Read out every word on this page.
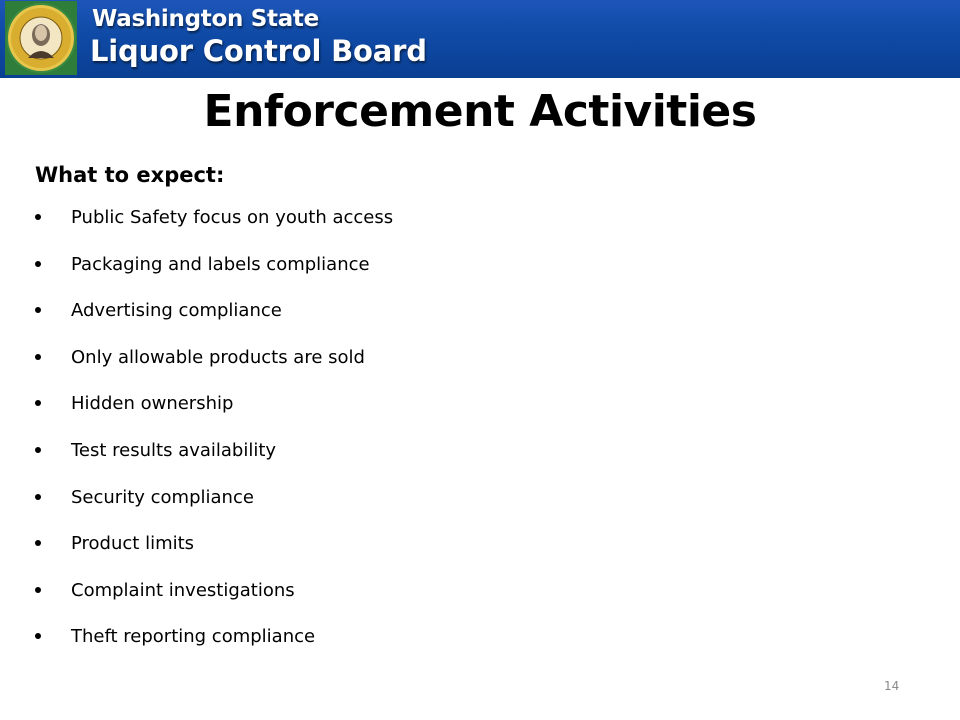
Washington State
Liquor Control Board
Enforcement Activities
What to expect:
Public Safety focus on youth access
Packaging and labels compliance
Advertising compliance
Only allowable products are sold
Hidden ownership
Test results availability
Security compliance
Product limits
Complaint investigations
Theft reporting compliance
14
